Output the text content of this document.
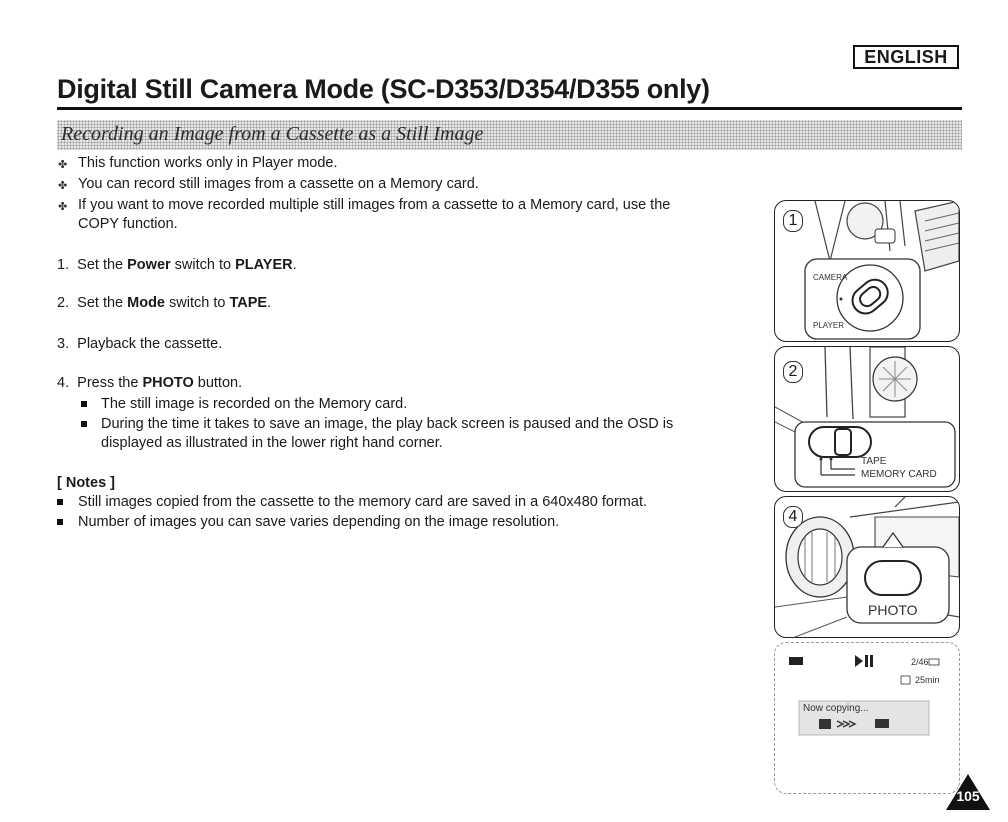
ENGLISH
Digital Still Camera Mode (SC-D353/D354/D355 only)
Recording an Image from a Cassette as a Still Image
✤ This function works only in Player mode.
✤ You can record still images from a cassette on a Memory card.
✤ If you want to move recorded multiple still images from a cassette to a Memory card, use the
COPY function.
1. Set the Power switch to PLAYER.
2. Set the Mode switch to TAPE.
3. Playback the cassette.
4. Press the PHOTO button.
The still image is recorded on the Memory card.
During the time it takes to save an image, the play back screen is paused and the OSD is
displayed as illustrated in the lower right hand corner.
[ Notes ]
Still images copied from the cassette to the memory card are saved in a 640x480 format.
Number of images you can save varies depending on the image resolution.
1
CAMERA
PLAYER
2
TAPE
MEMORY CARD
4
PHOTO
2/46
25min
Now copying...
105
